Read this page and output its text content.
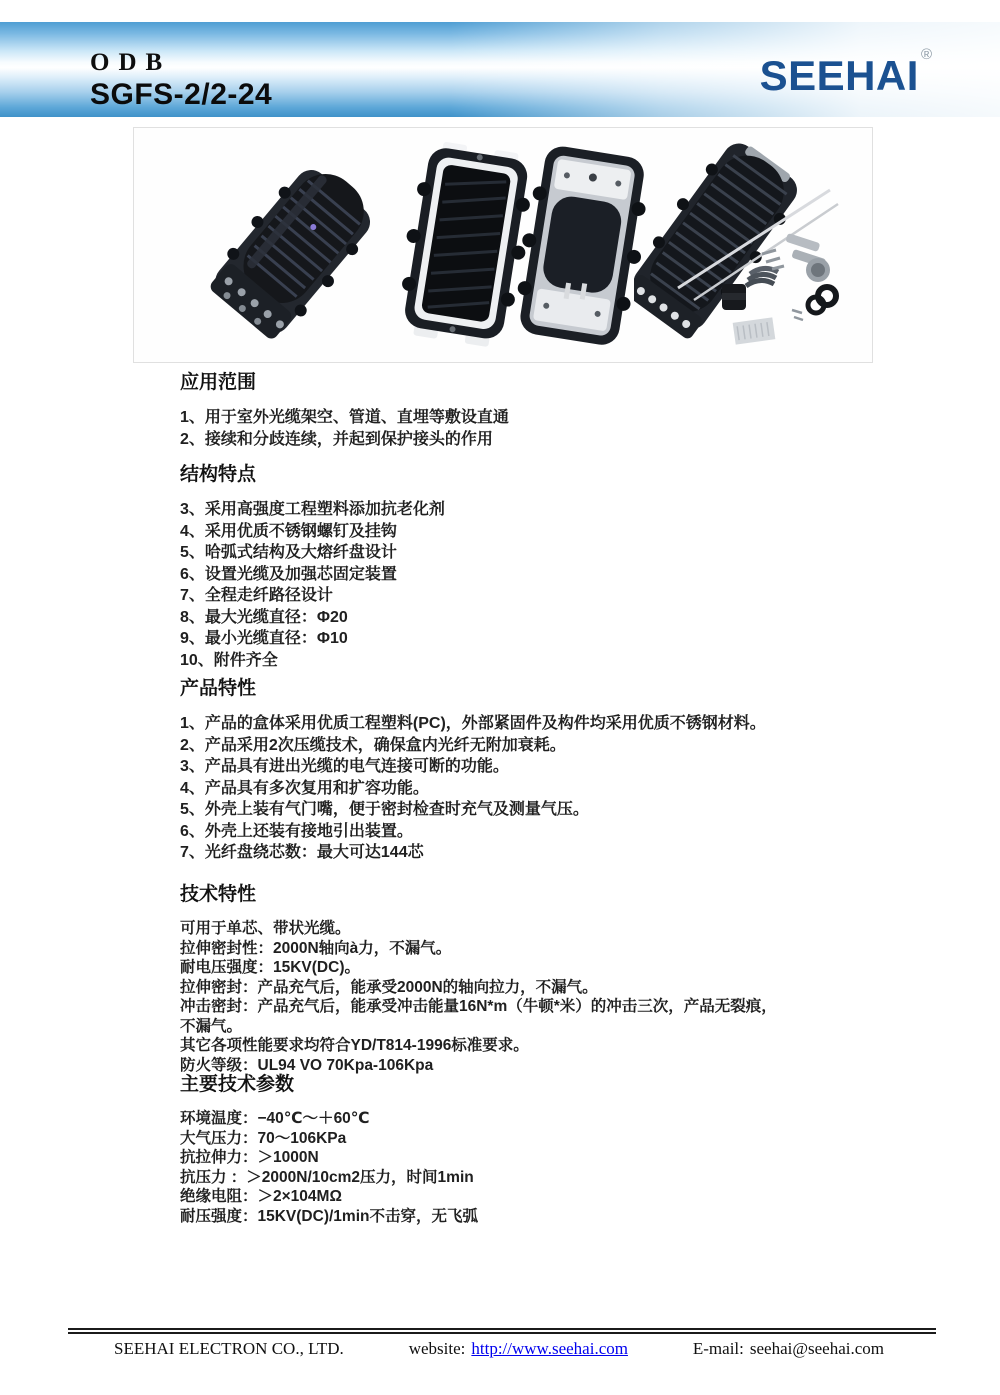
ODB
SGFS-2/2-24	SEEHAI ®
应用范围
1、用于室外光缆架空、管道、直埋等敷设直通
2、接续和分歧连续，并起到保护接头的作用
结构特点
3、采用高强度工程塑料添加抗老化剂
4、采用优质不锈钢螺钉及挂钩
5、哈弧式结构及大熔纤盘设计
6、设置光缆及加强芯固定装置
7、全程走纤路径设计
8、最大光缆直径：Φ20
9、最小光缆直径：Φ10
10、附件齐全
产品特性
1、产品的盒体采用优质工程塑料(PC)，外部紧固件及构件均采用优质不锈钢材料。
2、产品采用2次压缆技术，确保盒内光纤无附加衰耗。
3、产品具有进出光缆的电气连接可断的功能。
4、产品具有多次复用和扩容功能。
5、外壳上装有气门嘴，便于密封检查时充气及测量气压。
6、外壳上还装有接地引出装置。
7、光纤盘绕芯数：最大可达144芯
技术特性
可用于单芯、带状光缆。
拉伸密封性：2000N轴向à力，不漏气。
耐电压强度：15KV(DC)。
拉伸密封：产品充气后，能承受2000N的轴向拉力，不漏气。
冲击密封：产品充气后，能承受冲击能量16N*m（牛顿*米）的冲击三次，产品无裂痕，
不漏气。
其它各项性能要求均符合YD/T814-1996标准要求。
防火等级：UL94 VO 70Kpa-106Kpa
主要技术参数
环境温度：−40℃～＋60℃
大气压力：70～106KPa
抗拉伸力：＞1000N
抗压力 ：＞2000N/10cm2压力，时间1min
绝缘电阻：＞2×104MΩ
耐压强度：15KV(DC)/1min不击穿，无飞弧
SEEHAI ELECTRON CO., LTD.	website: http://www.seehai.com	E-mail: seehai@seehai.com
